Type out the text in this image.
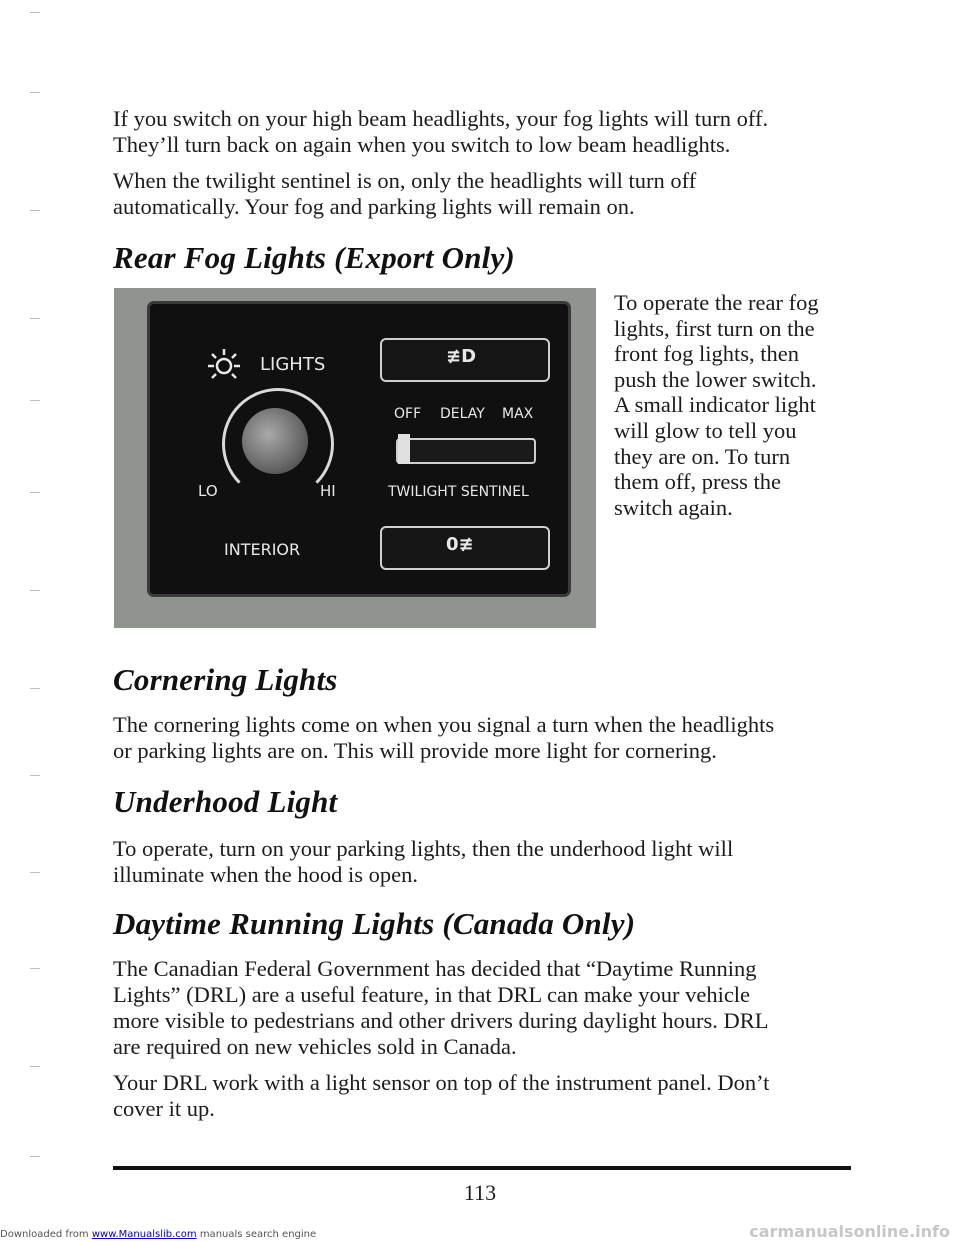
If you switch on your high beam headlights, your fog lights will turn off.
They’ll turn back on again when you switch to low beam headlights.
When the twilight sentinel is on, only the headlights will turn off
automatically. Your fog and parking lights will remain on.
Rear Fog Lights (Export Only)
LIGHTS
LO	HI
INTERIOR
≢D
OFF DELAY MAX
TWILIGHT SENTINEL
0≢
To operate the rear fog
lights, first turn on the
front fog lights, then
push the lower switch.
A small indicator light
will glow to tell you
they are on. To turn
them off, press the
switch again.
Cornering Lights
The cornering lights come on when you signal a turn when the headlights
or parking lights are on. This will provide more light for cornering.
Underhood Light
To operate, turn on your parking lights, then the underhood light will
illuminate when the hood is open.
Daytime Running Lights (Canada Only)
The Canadian Federal Government has decided that “Daytime Running
Lights” (DRL) are a useful feature, in that DRL can make your vehicle
more visible to pedestrians and other drivers during daylight hours. DRL
are required on new vehicles sold in Canada.
Your DRL work with a light sensor on top of the instrument panel. Don’t
cover it up.
113
Downloaded from www.Manualslib.com manuals search engine	carmanualsonline.info
